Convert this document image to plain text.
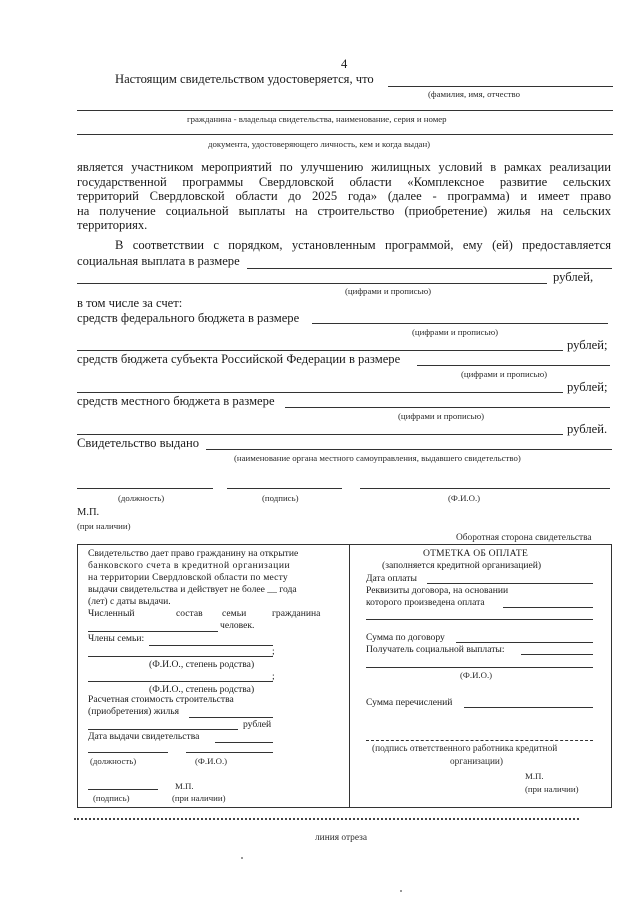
4
Настоящим свидетельством удостоверяется, что
(фамилия, имя, отчество
гражданина - владельца свидетельства, наименование, серия и номер
документа, удостоверяющего личность, кем и когда выдан)
является участником мероприятий по улучшению жилищных условий в рамках реализации
государственной программы Свердловской области «Комплексное развитие сельских
территорий Свердловской области до 2025 года» (далее - программа) и имеет право
на получение социальной выплаты на строительство (приобретение) жилья на сельских
территориях.
В соответствии с порядком, установленным программой, ему (ей) предоставляется
социальная выплата в размере
рублей,
(цифрами и прописью)
в том числе за счет:
средств федерального бюджета в размере
(цифрами и прописью)
рублей;
средств бюджета субъекта Российской Федерации в размере
(цифрами и прописью)
рублей;
средств местного бюджета в размере
(цифрами и прописью)
рублей.
Свидетельство выдано
(наименование органа местного самоуправления, выдавшего свидетельство)
(должность)	(подпись)	(Ф.И.О.)
М.П.
(при наличии)
Оборотная сторона свидетельства
Свидетельство дает право гражданину на открытие
банковского счета в кредитной организации
на территории Свердловской области по месту
выдачи свидетельства и действует не более __ года
(лет) с даты выдачи.
Численный	состав семьи	гражданина
человек.
Члены семьи:
;
(Ф.И.О., степень родства)
;
(Ф.И.О., степень родства)
Расчетная стоимость строительства
(приобретения) жилья
рублей
Дата выдачи свидетельства
(должность)	(Ф.И.О.)
М.П.
(подпись)	(при наличии)
ОТМЕТКА ОБ ОПЛАТЕ
(заполняется кредитной организацией)
Дата оплаты
Реквизиты договора, на основании
которого произведена оплата
Сумма по договору
Получатель социальной выплаты:
(Ф.И.О.)
Сумма перечислений
(подпись ответственного работника кредитной
организации)
М.П.
(при наличии)
линия отреза
